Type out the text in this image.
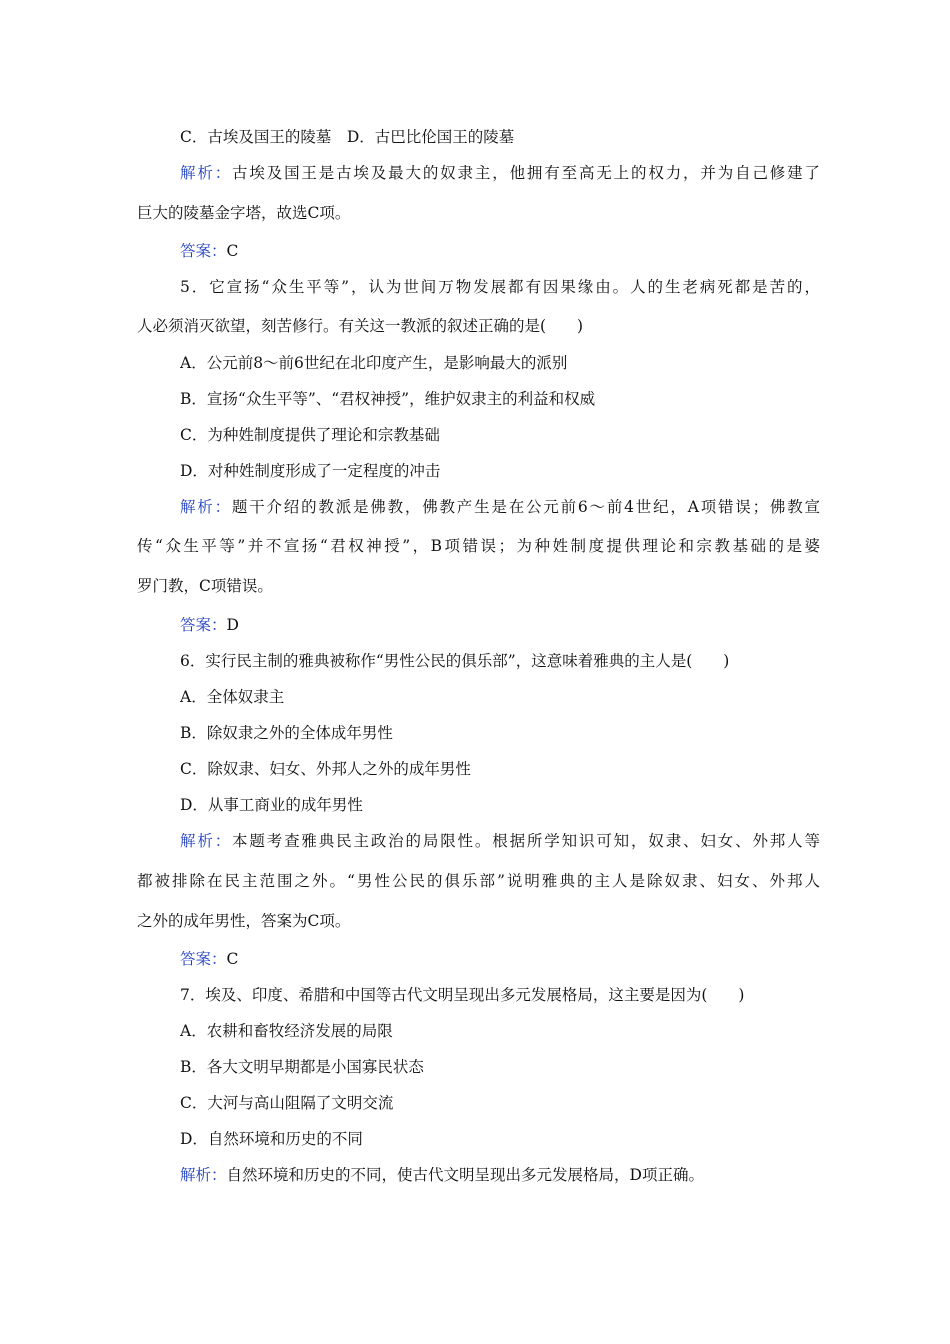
C．古埃及国王的陵墓　D．古巴比伦国王的陵墓
解析：古埃及国王是古埃及最大的奴隶主，他拥有至高无上的权力，并为自己修建了
巨大的陵墓金字塔，故选C项。
答案：C
5．它宣扬“众生平等”，认为世间万物发展都有因果缘由。人的生老病死都是苦的，
人必须消灭欲望，刻苦修行。有关这一教派的叙述正确的是(　　)
A．公元前8～前6世纪在北印度产生，是影响最大的派别
B．宣扬“众生平等”、“君权神授”，维护奴隶主的利益和权威
C．为种姓制度提供了理论和宗教基础
D．对种姓制度形成了一定程度的冲击
解析：题干介绍的教派是佛教，佛教产生是在公元前6～前4世纪，A项错误；佛教宣
传“众生平等”并不宣扬“君权神授”，B项错误；为种姓制度提供理论和宗教基础的是婆
罗门教，C项错误。
答案：D
6．实行民主制的雅典被称作“男性公民的俱乐部”，这意味着雅典的主人是(　　)
A．全体奴隶主
B．除奴隶之外的全体成年男性
C．除奴隶、妇女、外邦人之外的成年男性
D．从事工商业的成年男性
解析：本题考查雅典民主政治的局限性。根据所学知识可知，奴隶、妇女、外邦人等
都被排除在民主范围之外。“男性公民的俱乐部”说明雅典的主人是除奴隶、妇女、外邦人
之外的成年男性，答案为C项。
答案：C
7．埃及、印度、希腊和中国等古代文明呈现出多元发展格局，这主要是因为(　　)
A．农耕和畜牧经济发展的局限
B．各大文明早期都是小国寡民状态
C．大河与高山阻隔了文明交流
D．自然环境和历史的不同
解析：自然环境和历史的不同，使古代文明呈现出多元发展格局，D项正确。
